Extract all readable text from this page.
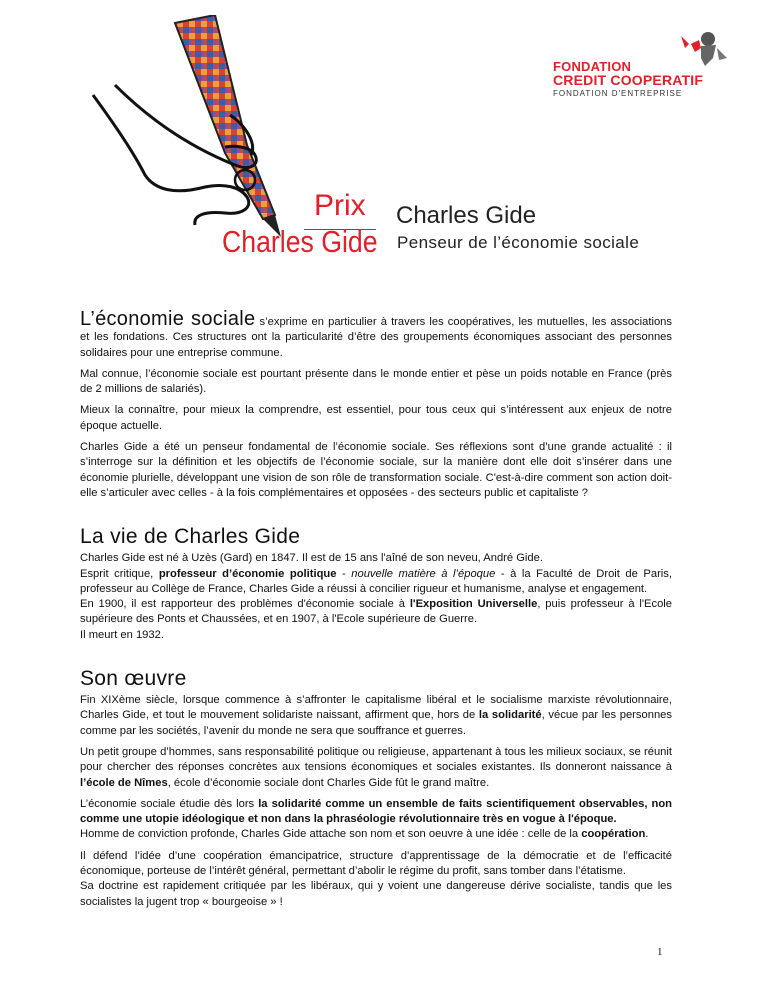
FONDATION
CREDIT COOPERATIF
FONDATION D'ENTREPRISE
Prix
Charles Gide
Charles Gide
Penseur de l’économie sociale

L’économie sociale s’exprime en particulier à travers les coopératives, les mutuelles, les associations et les fondations. Ces structures ont la particularité d’être des groupements économiques associant des personnes solidaires pour une entreprise commune.

Mal connue, l’économie sociale est pourtant présente dans le monde entier et pèse un poids notable en France (près de 2 millions de salariés).

Mieux la connaître, pour mieux la comprendre, est essentiel, pour tous ceux qui s’intéressent aux enjeux de notre époque actuelle.

Charles Gide a été un penseur fondamental de l’économie sociale. Ses réflexions sont d’une grande actualité : il s’interroge sur la définition et les objectifs de l’économie sociale, sur la manière dont elle doit s’insérer dans une économie plurielle, développant une vision de son rôle de transformation sociale. C'est-à-dire comment son action doit-elle s’articuler avec celles - à la fois complémentaires et opposées - des secteurs public et capitaliste ?

La vie de Charles Gide

Charles Gide est né à Uzès (Gard) en 1847. Il est de 15 ans l'aîné de son neveu, André Gide.

Esprit critique, professeur d’économie politique - nouvelle matière à l’époque - à la Faculté de Droit de Paris, professeur au Collège de France, Charles Gide a réussi à concilier rigueur et humanisme, analyse et engagement.

En 1900, il est rapporteur des problèmes d'économie sociale à l'Exposition Universelle, puis professeur à l'Ecole supérieure des Ponts et Chaussées, et en 1907, à l'Ecole supérieure de Guerre.

Il meurt en 1932.

Son œuvre

Fin XIXème siècle, lorsque commence à s’affronter le capitalisme libéral et le socialisme marxiste révolutionnaire, Charles Gide, et tout le mouvement solidariste naissant, affirment que, hors de la solidarité, vécue par les personnes comme par les sociétés, l’avenir du monde ne sera que souffrance et guerres.

Un petit groupe d’hommes, sans responsabilité politique ou religieuse, appartenant à tous les milieux sociaux, se réunit pour chercher des réponses concrètes aux tensions économiques et sociales existantes. Ils donneront naissance à l’école de Nîmes, école d’économie sociale dont Charles Gide fût le grand maître.

L’économie sociale étudie dès lors la solidarité comme un ensemble de faits scientifiquement observables, non comme une utopie idéologique et non dans la phraséologie révolutionnaire très en vogue à l'époque.

Homme de conviction profonde, Charles Gide attache son nom et son oeuvre à une idée : celle de la coopération.

Il défend l’idée d’une coopération émancipatrice, structure d’apprentissage de la démocratie et de l’efficacité économique, porteuse de l’intérêt général, permettant d’abolir le régime du profit, sans tomber dans l’étatisme.

Sa doctrine est rapidement critiquée par les libéraux, qui y voient une dangereuse dérive socialiste, tandis que les socialistes la jugent trop « bourgeoise » !

1
